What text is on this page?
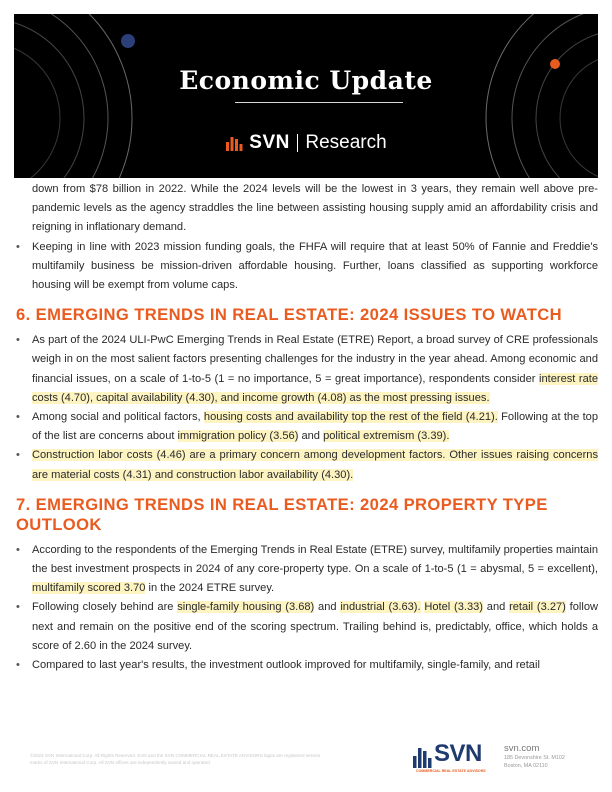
Economic Update
SVN Research

down from $78 billion in 2022. While the 2024 levels will be the lowest in 3 years, they remain well above pre-pandemic levels as the agency straddles the line between assisting housing supply amid an affordability crisis and reigning in inflationary demand.

• Keeping in line with 2023 mission funding goals, the FHFA will require that at least 50% of Fannie and Freddie's multifamily business be mission-driven affordable housing. Further, loans classified as supporting workforce housing will be exempt from volume caps.

6. EMERGING TRENDS IN REAL ESTATE: 2024 ISSUES TO WATCH

• As part of the 2024 ULI-PwC Emerging Trends in Real Estate (ETRE) Report, a broad survey of CRE professionals weigh in on the most salient factors presenting challenges for the industry in the year ahead. Among economic and financial issues, on a scale of 1-to-5 (1 = no importance, 5 = great importance), respondents consider interest rate costs (4.70), capital availability (4.30), and income growth (4.08) as the most pressing issues.

• Among social and political factors, housing costs and availability top the rest of the field (4.21). Following at the top of the list are concerns about immigration policy (3.56) and political extremism (3.39).

• Construction labor costs (4.46) are a primary concern among development factors. Other issues raising concerns are material costs (4.31) and construction labor availability (4.30).

7. EMERGING TRENDS IN REAL ESTATE: 2024 PROPERTY TYPE OUTLOOK

• According to the respondents of the Emerging Trends in Real Estate (ETRE) survey, multifamily properties maintain the best investment prospects in 2024 of any core-property type. On a scale of 1-to-5 (1 = abysmal, 5 = excellent), multifamily scored 3.70 in the 2024 ETRE survey.

• Following closely behind are single-family housing (3.68) and industrial (3.63). Hotel (3.33) and retail (3.27) follow next and remain on the positive end of the scoring spectrum. Trailing behind is, predictably, office, which holds a score of 2.60 in the 2024 survey.

• Compared to last year's results, the investment outlook improved for multifamily, single-family, and retail

©2023 SVN International Corp. All Rights Reserved. SVN and the SVN COMMERCIAL REAL ESTATE ADVISORS logos are registered service marks of SVN International Corp. All SVN offices are independently owned and operated.	SVN
COMMERCIAL REAL ESTATE ADVISORS
svn.com
185 Devonshire St. M102
Boston, MA 02110
